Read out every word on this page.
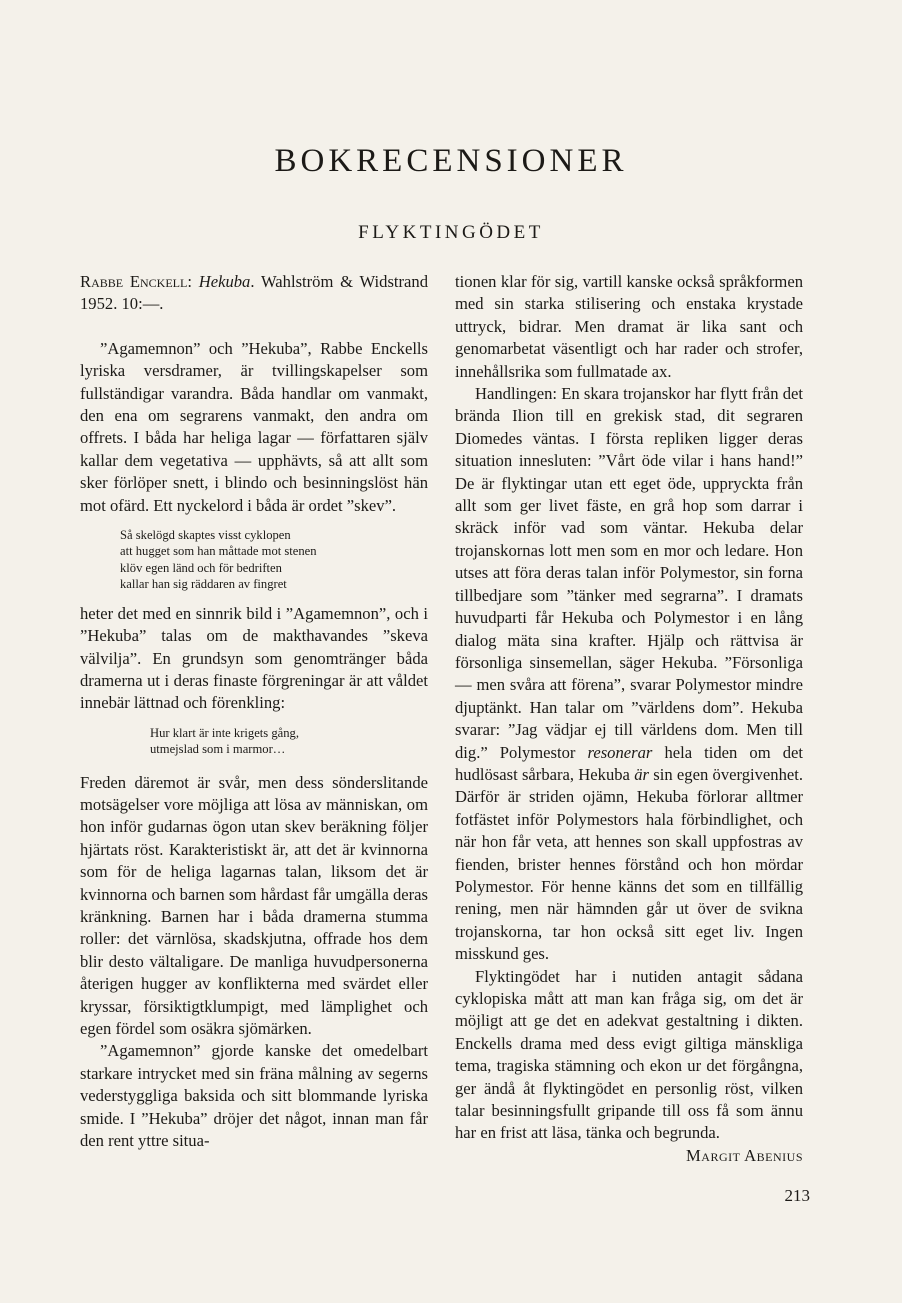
BOKRECENSIONER
FLYKTINGÖDET

Rabbe Enckell: Hekuba. Wahlström & Widstrand 1952. 10:—.

”Agamemnon” och ”Hekuba”, Rabbe Enckells lyriska versdramer, är tvillingskapelser som fullständigar varandra. Båda handlar om vanmakt, den ena om segrarens vanmakt, den andra om offrets. I båda har heliga lagar — författaren själv kallar dem vegetativa — upphävts, så att allt som sker förlöper snett, i blindo och besinningslöst hän mot ofärd. Ett nyckelord i båda är ordet ”skev”.

Så skelögd skaptes visst cyklopen
att hugget som han måttade mot stenen
klöv egen länd och för bedriften
kallar han sig räddaren av fingret

heter det med en sinnrik bild i ”Agamemnon”, och i ”Hekuba” talas om de makthavandes ”skeva välvilja”. En grundsyn som genomtränger båda dramerna ut i deras finaste förgreningar är att våldet innebär lättnad och förenkling:

Hur klart är inte krigets gång,
utmejslad som i marmor…

Freden däremot är svår, men dess sönderslitande motsägelser vore möjliga att lösa av människan, om hon inför gudarnas ögon utan skev beräkning följer hjärtats röst. Karakteristiskt är, att det är kvinnorna som för de heliga lagarnas talan, liksom det är kvinnorna och barnen som hårdast får umgälla deras kränkning. Barnen har i båda dramerna stumma roller: det värnlösa, skadskjutna, offrade hos dem blir desto vältaligare. De manliga huvudpersonerna återigen hugger av konflikterna med svärdet eller kryssar, försiktigtklumpigt, med lämplighet och egen fördel som osäkra sjömärken.

”Agamemnon” gjorde kanske det omedelbart starkare intrycket med sin fräna målning av segerns vederstyggliga baksida och sitt blommande lyriska smide. I ”Hekuba” dröjer det något, innan man får den rent yttre situa-

tionen klar för sig, vartill kanske också språkformen med sin starka stilisering och enstaka krystade uttryck, bidrar. Men dramat är lika sant och genomarbetat väsentligt och har rader och strofer, innehållsrika som fullmatade ax.

Handlingen: En skara trojanskor har flytt från det brända Ilion till en grekisk stad, dit segraren Diomedes väntas. I första repliken ligger deras situation innesluten: ”Vårt öde vilar i hans hand!” De är flyktingar utan ett eget öde, uppryckta från allt som ger livet fäste, en grå hop som darrar i skräck inför vad som väntar. Hekuba delar trojanskornas lott men som en mor och ledare. Hon utses att föra deras talan inför Polymestor, sin forna tillbedjare som ”tänker med segrarna”. I dramats huvudparti får Hekuba och Polymestor i en lång dialog mäta sina krafter. Hjälp och rättvisa är försonliga sinsemellan, säger Hekuba. ”Försonliga — men svåra att förena”, svarar Polymestor mindre djuptänkt. Han talar om ”världens dom”. Hekuba svarar: ”Jag vädjar ej till världens dom. Men till dig.” Polymestor resonerar hela tiden om det hudlösast sårbara, Hekuba är sin egen övergivenhet. Därför är striden ojämn, Hekuba förlorar alltmer fotfästet inför Polymestors hala förbindlighet, och när hon får veta, att hennes son skall uppfostras av fienden, brister hennes förstånd och hon mördar Polymestor. För henne känns det som en tillfällig rening, men när hämnden går ut över de svikna trojanskorna, tar hon också sitt eget liv. Ingen misskund ges.

Flyktingödet har i nutiden antagit sådana cyklopiska mått att man kan fråga sig, om det är möjligt att ge det en adekvat gestaltning i dikten. Enckells drama med dess evigt giltiga mänskliga tema, tragiska stämning och ekon ur det förgångna, ger ändå åt flyktingödet en personlig röst, vilken talar besinningsfullt gripande till oss få som ännu har en frist att läsa, tänka och begrunda.

Margit Abenius

213
